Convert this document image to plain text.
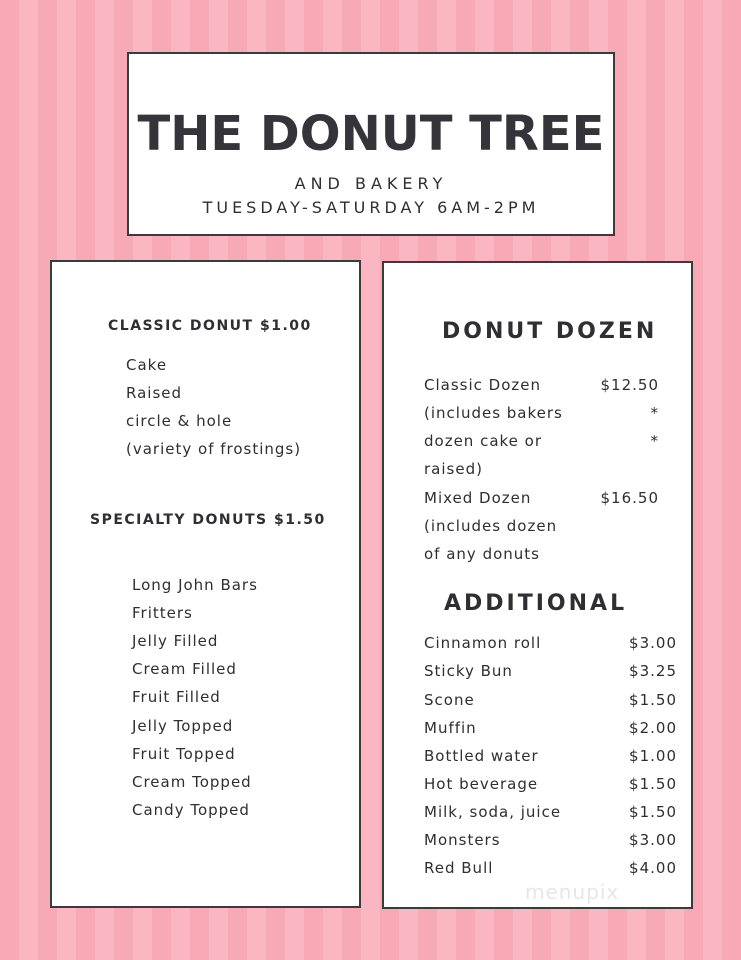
THE DONUT TREE
AND BAKERY
TUESDAY-SATURDAY 6AM-2PM
CLASSIC DONUT $1.00
Cake
Raised
circle & hole
(variety of frostings)
SPECIALTY DONUTS $1.50
Long John Bars
Fritters
Jelly Filled
Cream Filled
Fruit Filled
Jelly Topped
Fruit Topped
Cream Topped
Candy Topped
DONUT DOZEN
Classic Dozen	$12.50
(includes bakers	*
dozen cake or	*
raised)
Mixed Dozen	$16.50
(includes dozen
of any donuts
ADDITIONAL
Cinnamon roll	$3.00
Sticky Bun	$3.25
Scone	$1.50
Muffin	$2.00
Bottled water	$1.00
Hot beverage	$1.50
Milk, soda, juice	$1.50
Monsters	$3.00
Red Bull	$4.00
menupix
